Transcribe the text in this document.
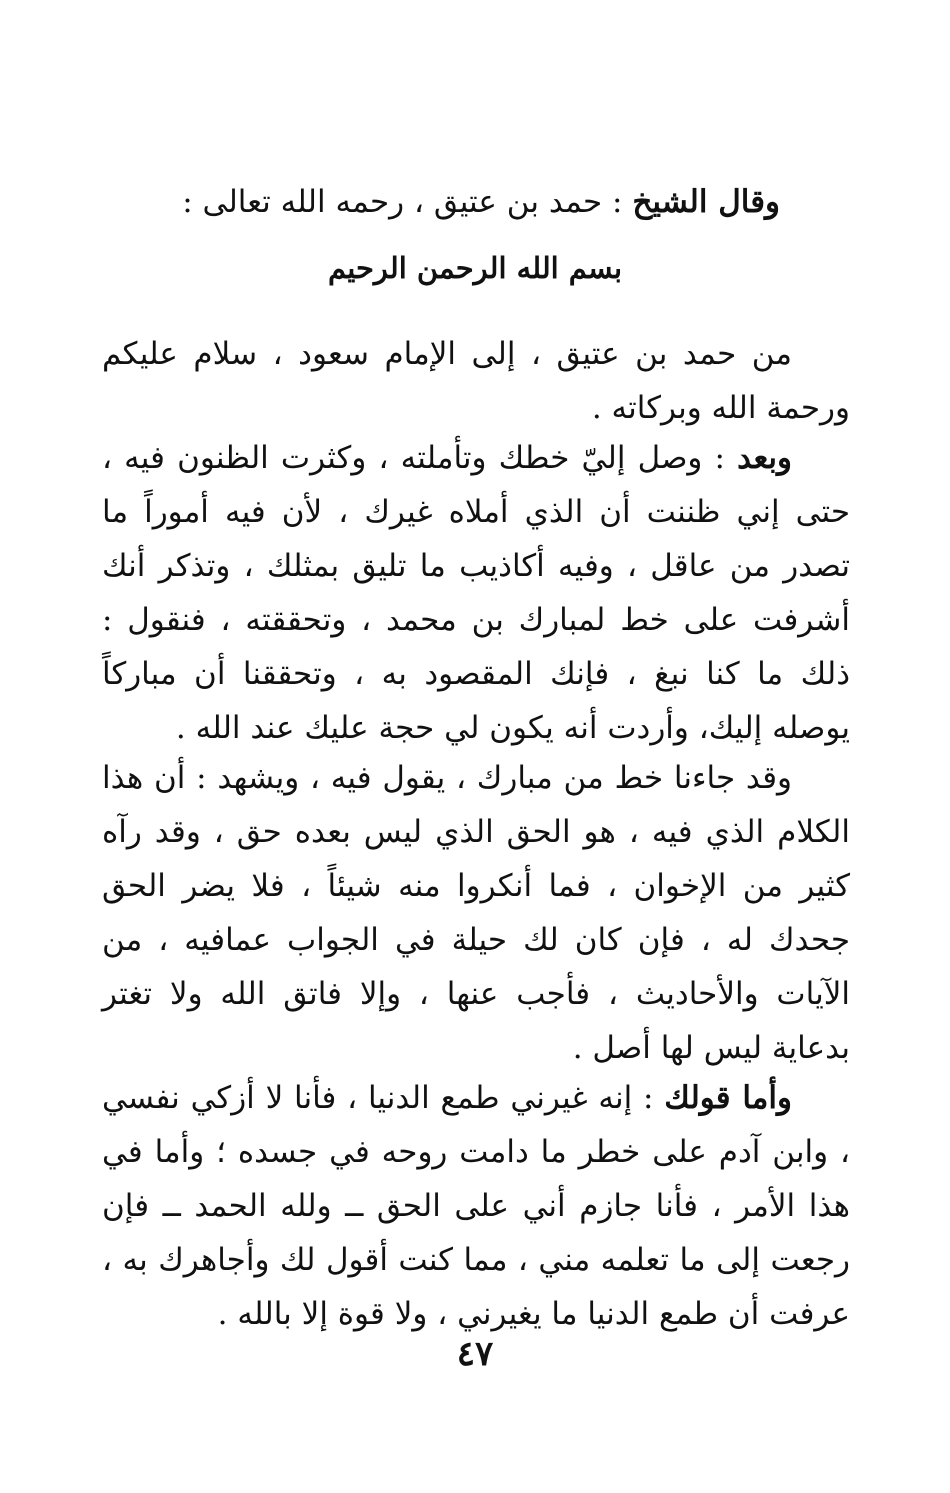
وقال الشيخ : حمد بن عتيق ، رحمه الله تعالى :
بسم الله الرحمن الرحيم

من حمد بن عتيق ، إلى الإمام سعود ، سلام عليكم ورحمة الله وبركاته .

وبعد : وصل إليّ خطك وتأملته ، وكثرت الظنون فيه ، حتى إني ظننت أن الذي أملاه غيرك ، لأن فيه أموراً ما تصدر من عاقل ، وفيه أكاذيب ما تليق بمثلك ، وتذكر أنك أشرفت على خط لمبارك بن محمد ، وتحققته ، فنقول : ذلك ما كنا نبغ ، فإنك المقصود به ، وتحققنا أن مباركاً يوصله إليك، وأردت أنه يكون لي حجة عليك عند الله .

وقد جاءنا خط من مبارك ، يقول فيه ، ويشهد : أن هذا الكلام الذي فيه ، هو الحق الذي ليس بعده حق ، وقد رآه كثير من الإخوان ، فما أنكروا منه شيئاً ، فلا يضر الحق جحدك له ، فإن كان لك حيلة في الجواب عمافيه ، من الآيات والأحاديث ، فأجب عنها ، وإلا فاتق الله ولا تغتر بدعاية ليس لها أصل .

وأما قولك : إنه غيرني طمع الدنيا ، فأنا لا أزكي نفسي ، وابن آدم على خطر ما دامت روحه في جسده ؛ وأما في هذا الأمر ، فأنا جازم أني على الحق ــ ولله الحمد ــ فإن رجعت إلى ما تعلمه مني ، مما كنت أقول لك وأجاهرك به ، عرفت أن طمع الدنيا ما يغيرني ، ولا قوة إلا بالله .

٤٧
